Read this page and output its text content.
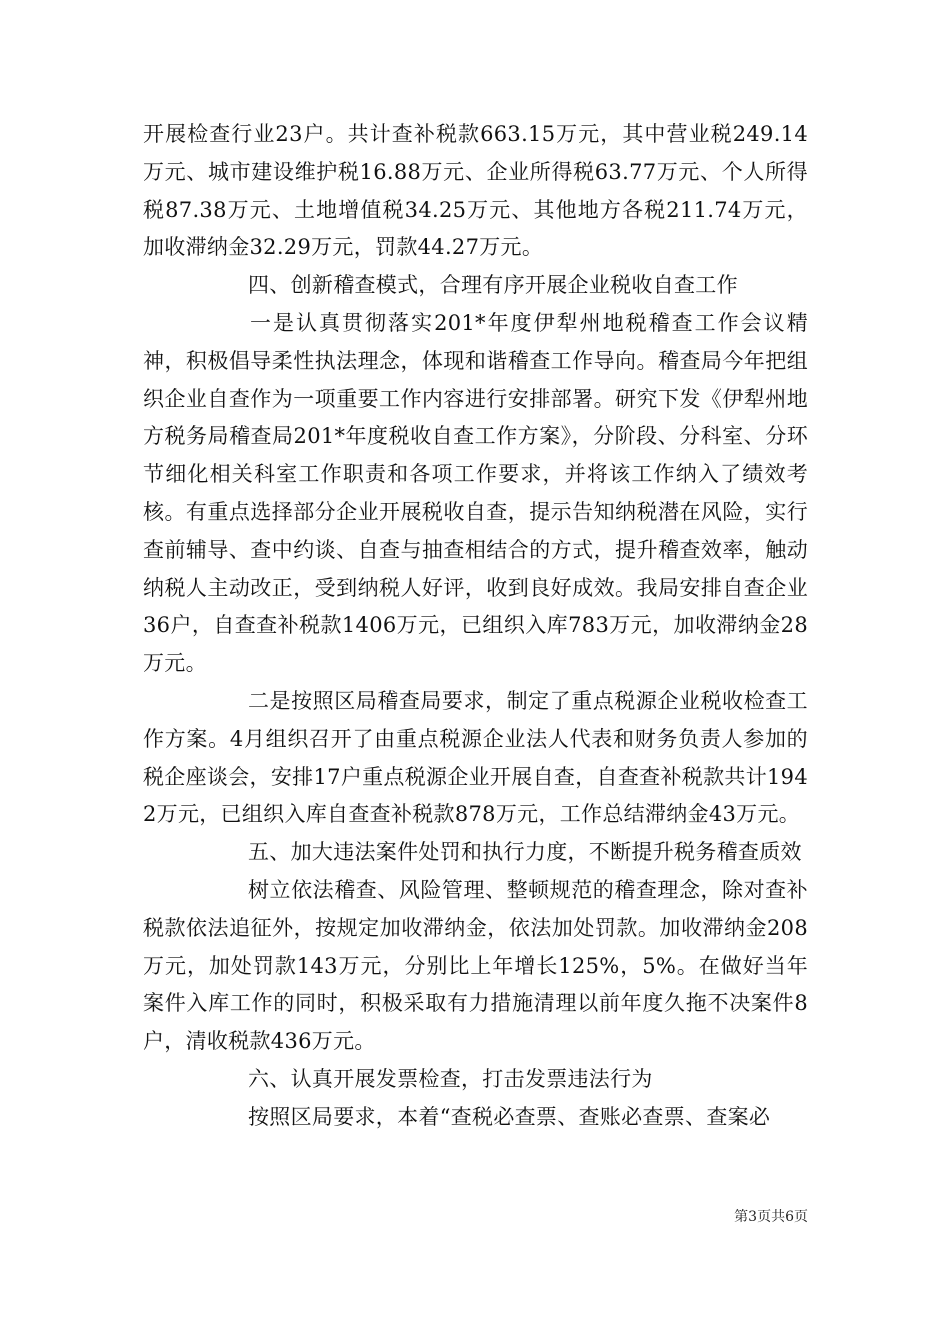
开展检查行业23户。共计查补税款663.15万元，其中营业税249.14万元、城市建设维护税16.88万元、企业所得税63.77万元、个人所得税87.38万元、土地增值税34.25万元、其他地方各税211.74万元，加收滞纳金32.29万元，罚款44.27万元。

四、创新稽查模式，合理有序开展企业税收自查工作

一是认真贯彻落实201*年度伊犁州地税稽查工作会议精神，积极倡导柔性执法理念，体现和谐稽查工作导向。稽查局今年把组织企业自查作为一项重要工作内容进行安排部署。研究下发《伊犁州地方税务局稽查局201*年度税收自查工作方案》，分阶段、分科室、分环节细化相关科室工作职责和各项工作要求，并将该工作纳入了绩效考核。有重点选择部分企业开展税收自查，提示告知纳税潜在风险，实行查前辅导、查中约谈、自查与抽查相结合的方式，提升稽查效率，触动纳税人主动改正，受到纳税人好评，收到良好成效。我局安排自查企业36户，自查查补税款1406万元，已组织入库783万元，加收滞纳金28万元。

二是按照区局稽查局要求，制定了重点税源企业税收检查工作方案。4月组织召开了由重点税源企业法人代表和财务负责人参加的税企座谈会，安排17户重点税源企业开展自查，自查查补税款共计1942万元，已组织入库自查查补税款878万元，工作总结滞纳金43万元。

五、加大违法案件处罚和执行力度，不断提升税务稽查质效

树立依法稽查、风险管理、整顿规范的稽查理念，除对查补税款依法追征外，按规定加收滞纳金，依法加处罚款。加收滞纳金208万元，加处罚款143万元，分别比上年增长125%，5%。在做好当年案件入库工作的同时，积极采取有力措施清理以前年度久拖不决案件8户，清收税款436万元。

六、认真开展发票检查，打击发票违法行为

按照区局要求，本着“查税必查票、查账必查票、查案必

第3页共6页
